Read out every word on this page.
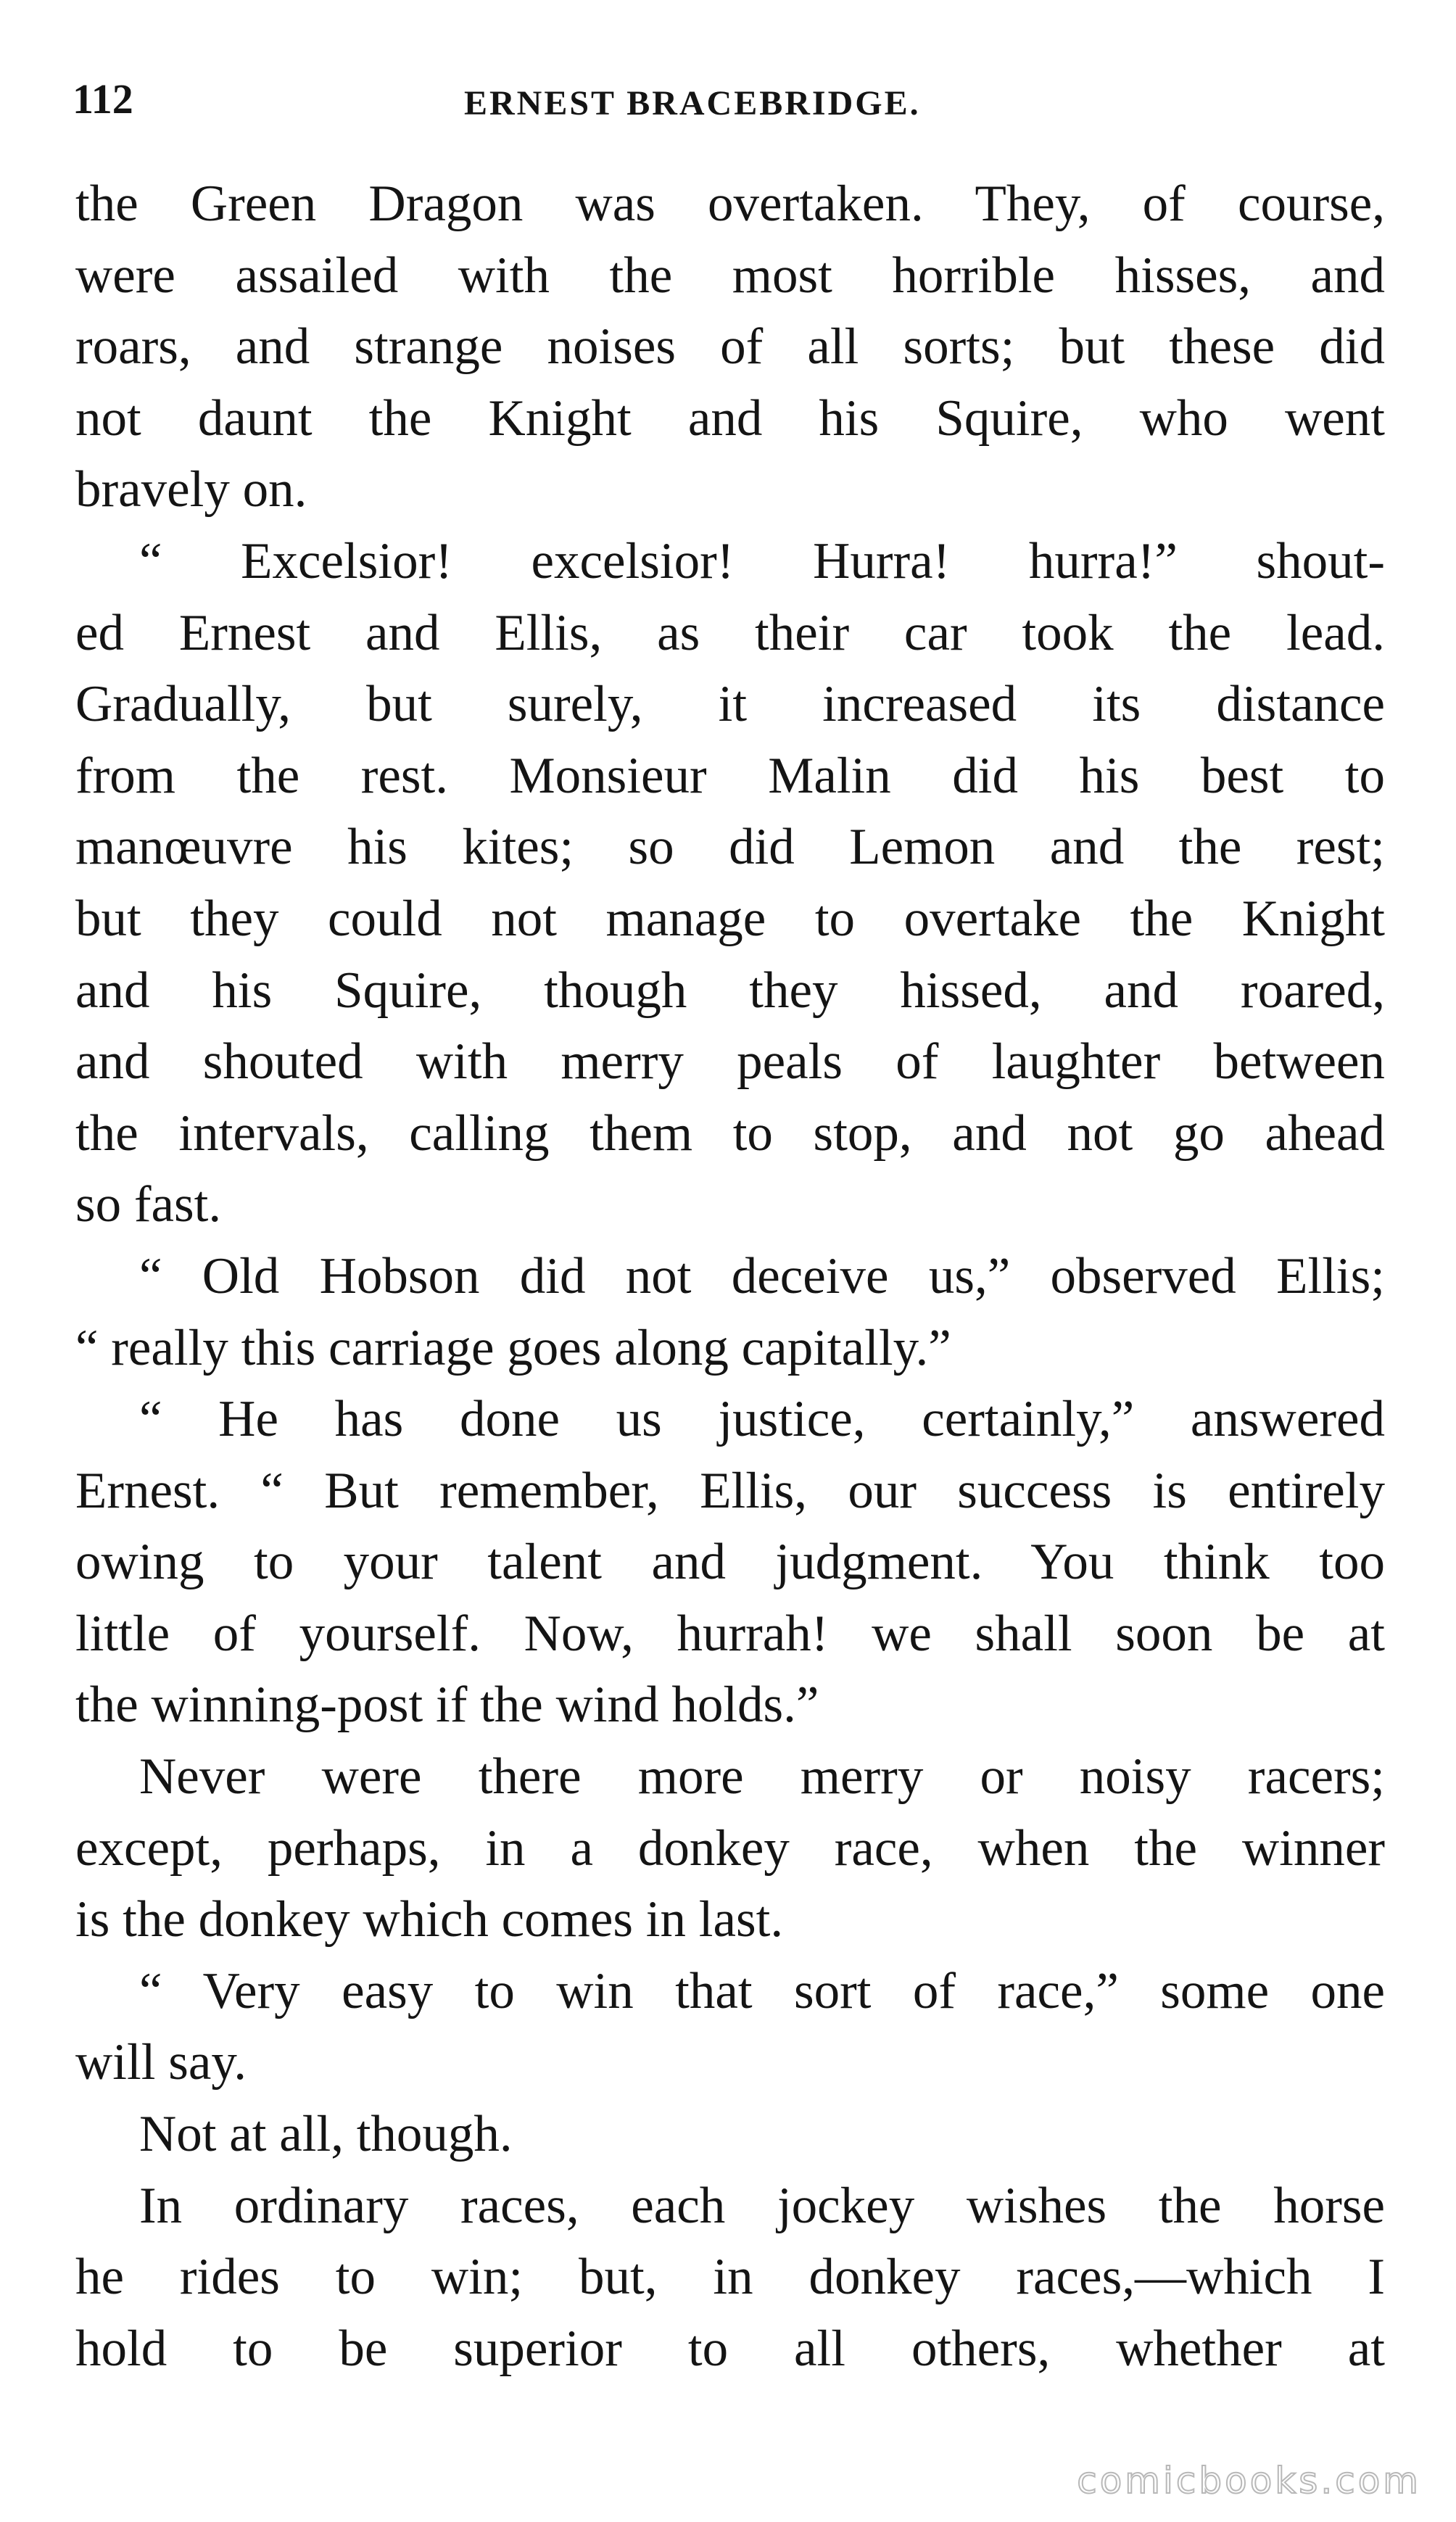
112	ERNEST BRACEBRIDGE.
the Green Dragon was overtaken. They, of course,
were assailed with the most horrible hisses, and
roars, and strange noises of all sorts; but these did
not daunt the Knight and his Squire, who went
bravely on.
“ Excelsior! excelsior! Hurra! hurra!” shout-
ed Ernest and Ellis, as their car took the lead.
Gradually, but surely, it increased its distance
from the rest. Monsieur Malin did his best to
manœuvre his kites; so did Lemon and the rest;
but they could not manage to overtake the Knight
and his Squire, though they hissed, and roared,
and shouted with merry peals of laughter between
the intervals, calling them to stop, and not go ahead
so fast.
“ Old Hobson did not deceive us,” observed Ellis;
“ really this carriage goes along capitally.”
“ He has done us justice, certainly,” answered
Ernest. “ But remember, Ellis, our success is entirely
owing to your talent and judgment. You think too
little of yourself. Now, hurrah! we shall soon be at
the winning-post if the wind holds.”
Never were there more merry or noisy racers;
except, perhaps, in a donkey race, when the winner
is the donkey which comes in last.
“ Very easy to win that sort of race,” some one
will say.
Not at all, though.
In ordinary races, each jockey wishes the horse
he rides to win; but, in donkey races,—which I
hold to be superior to all others, whether at
comicbooks.com
